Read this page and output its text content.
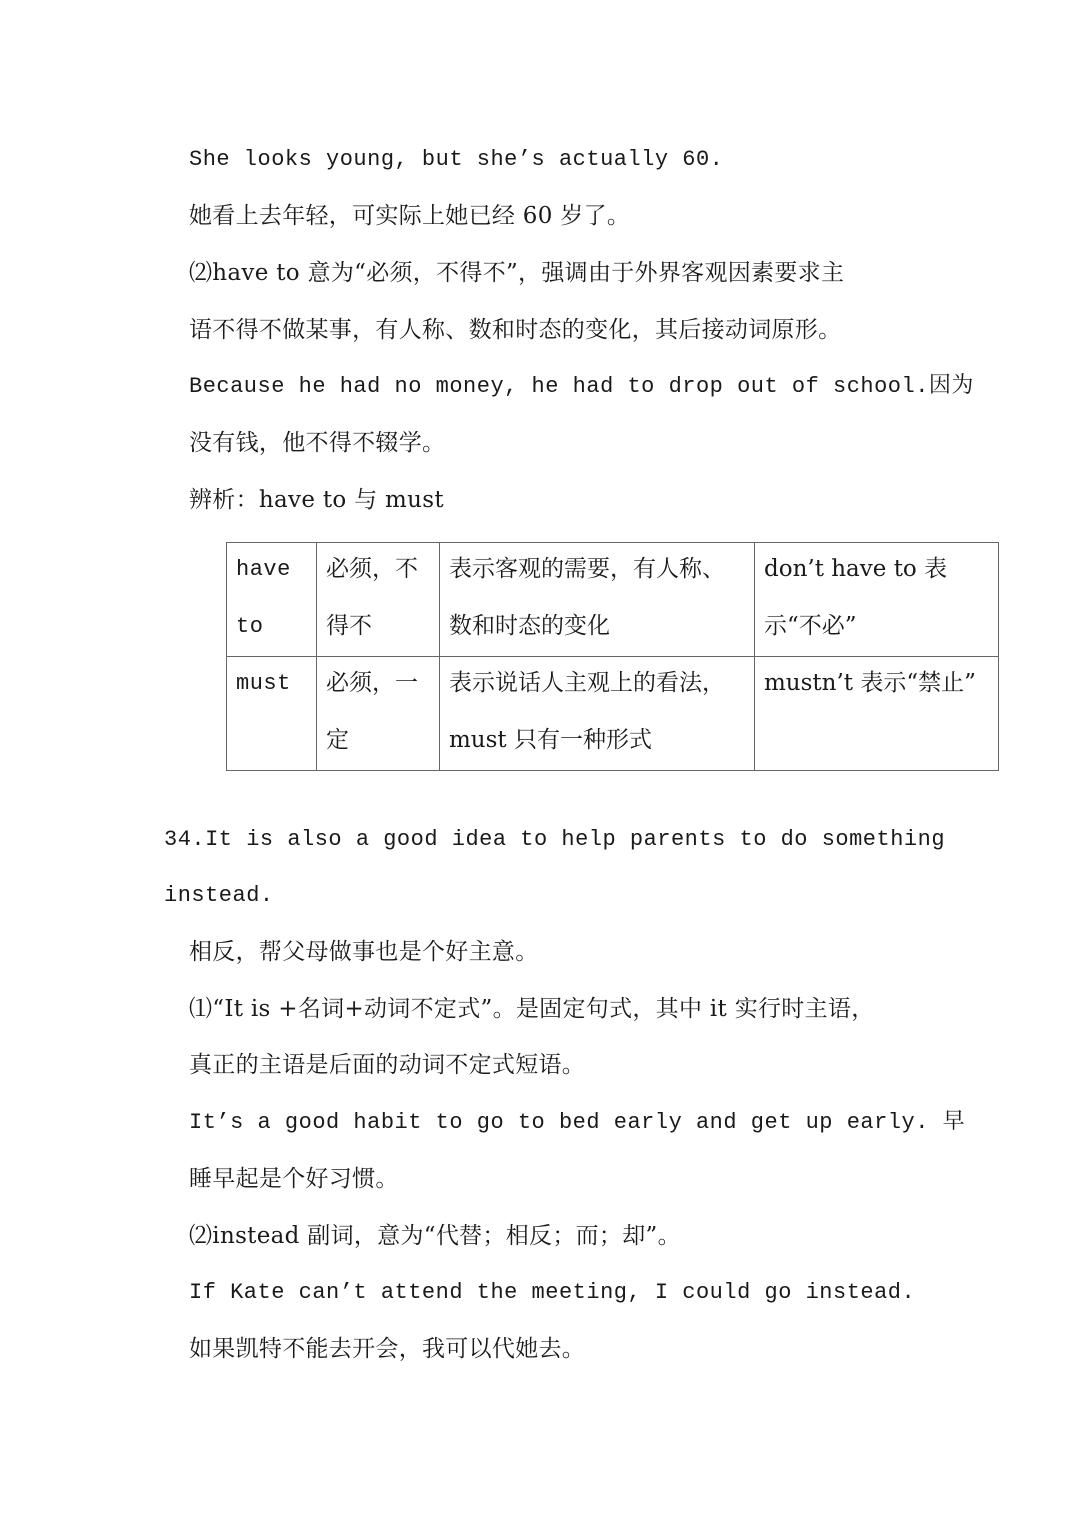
She looks young, but she’s actually 60.
她看上去年轻，可实际上她已经 60 岁了。
⑵have to 意为“必须，不得不”，强调由于外界客观因素要求主
语不得不做某事，有人称、数和时态的变化，其后接动词原形。
Because he had no money, he had to drop out of school.因为
没有钱，他不得不辍学。
辨析：have to 与 must
have to	必须，不得不	表示客观的需要，有人称、数和时态的变化	don’t have to 表示“不必”

must	必须，一定	表示说话人主观上的看法，must 只有一种形式	mustn’t 表示“禁止”
34.It is also a good idea to help parents to do something
instead.
相反，帮父母做事也是个好主意。
⑴“It is +名词+动词不定式”。是固定句式，其中 it 实行时主语，
真正的主语是后面的动词不定式短语。
It’s a good habit to go to bed early and get up early. 早
睡早起是个好习惯。
⑵instead 副词，意为“代替；相反；而；却”。
If Kate can’t attend the meeting, I could go instead.
如果凯特不能去开会，我可以代她去。
